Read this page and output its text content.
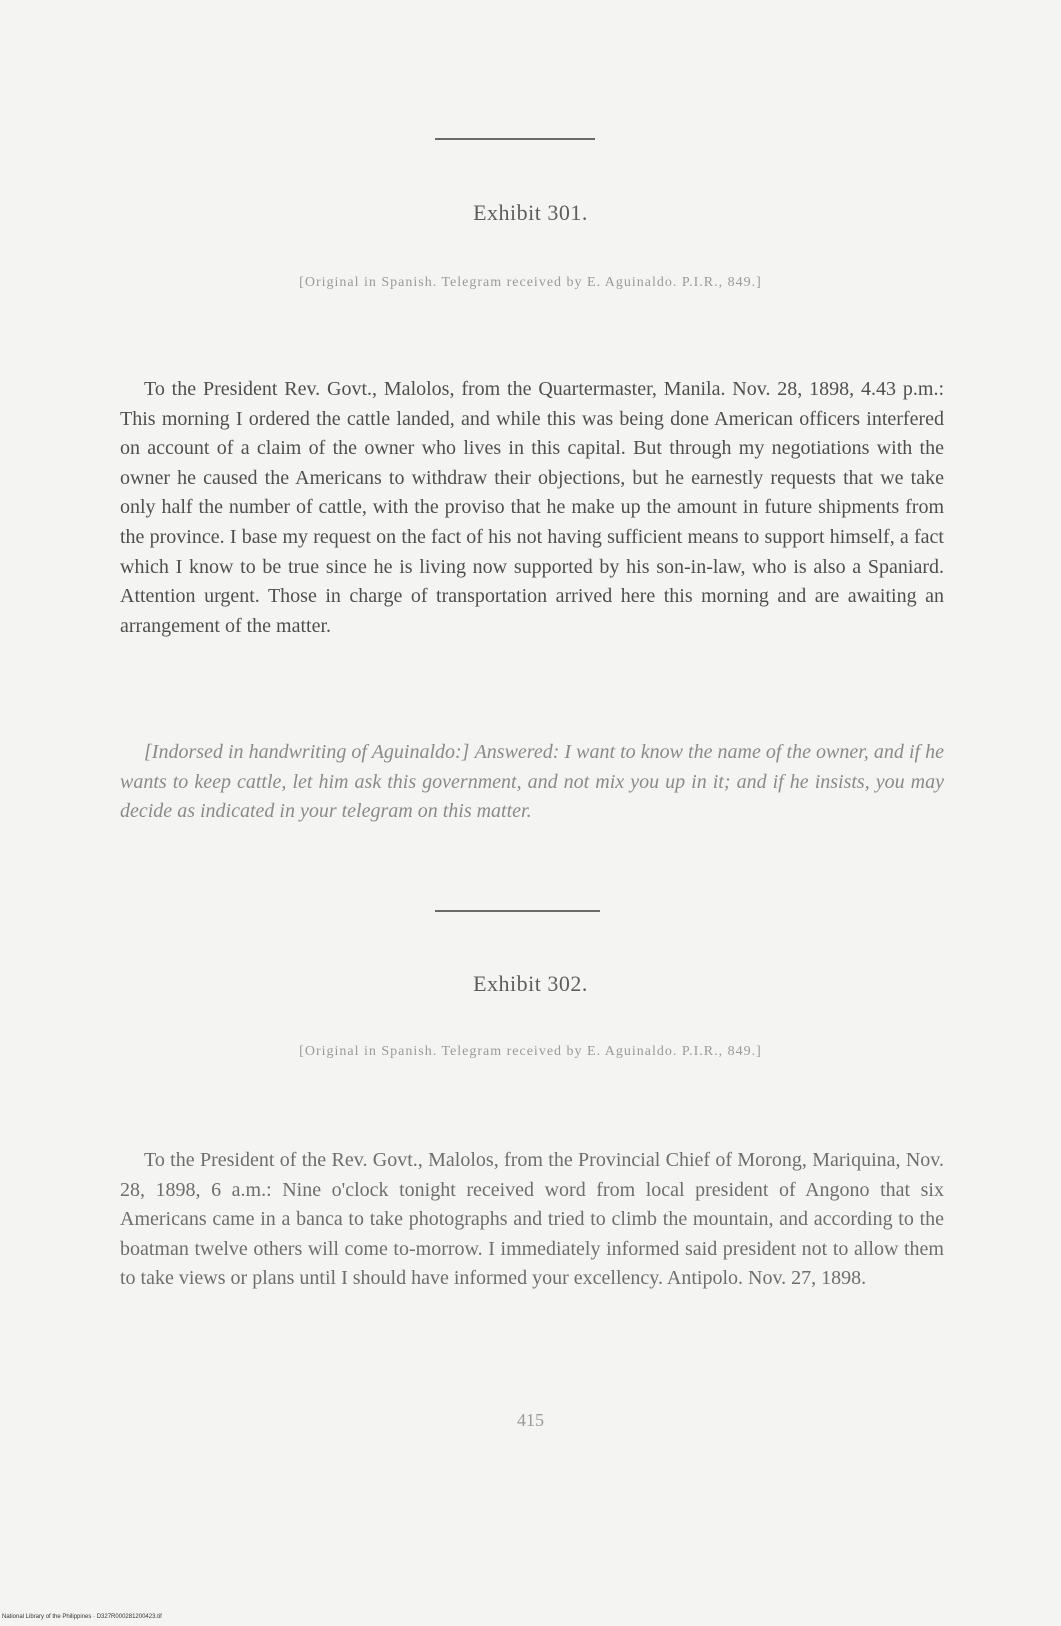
Exhibit 301.
[Original in Spanish. Telegram received by E. Aguinaldo. P.I.R., 849.]
To the President Rev. Govt., Malolos, from the Quartermaster, Manila. Nov. 28, 1898, 4.43 p.m.: This morning I ordered the cattle landed, and while this was being done American officers interfered on account of a claim of the owner who lives in this capital. But through my negotiations with the owner he caused the Americans to withdraw their objections, but he earnestly requests that we take only half the number of cattle, with the proviso that he make up the amount in future shipments from the province. I base my request on the fact of his not having sufficient means to support himself, a fact which I know to be true since he is living now supported by his son-in-law, who is also a Spaniard. Attention urgent. Those in charge of transportation arrived here this morning and are awaiting an arrangement of the matter.
[Indorsed in handwriting of Aguinaldo:] Answered: I want to know the name of the owner, and if he wants to keep cattle, let him ask this government, and not mix you up in it; and if he insists, you may decide as indicated in your telegram on this matter.
Exhibit 302.
[Original in Spanish. Telegram received by E. Aguinaldo. P.I.R., 849.]
To the President of the Rev. Govt., Malolos, from the Provincial Chief of Morong, Mariquina, Nov. 28, 1898, 6 a.m.: Nine o'clock tonight received word from local president of Angono that six Americans came in a banca to take photographs and tried to climb the mountain, and according to the boatman twelve others will come to-morrow. I immediately informed said president not to allow them to take views or plans until I should have informed your excellency. Antipolo. Nov. 27, 1898.
415
National Library of the Philippines · D327R000281200423.tif
